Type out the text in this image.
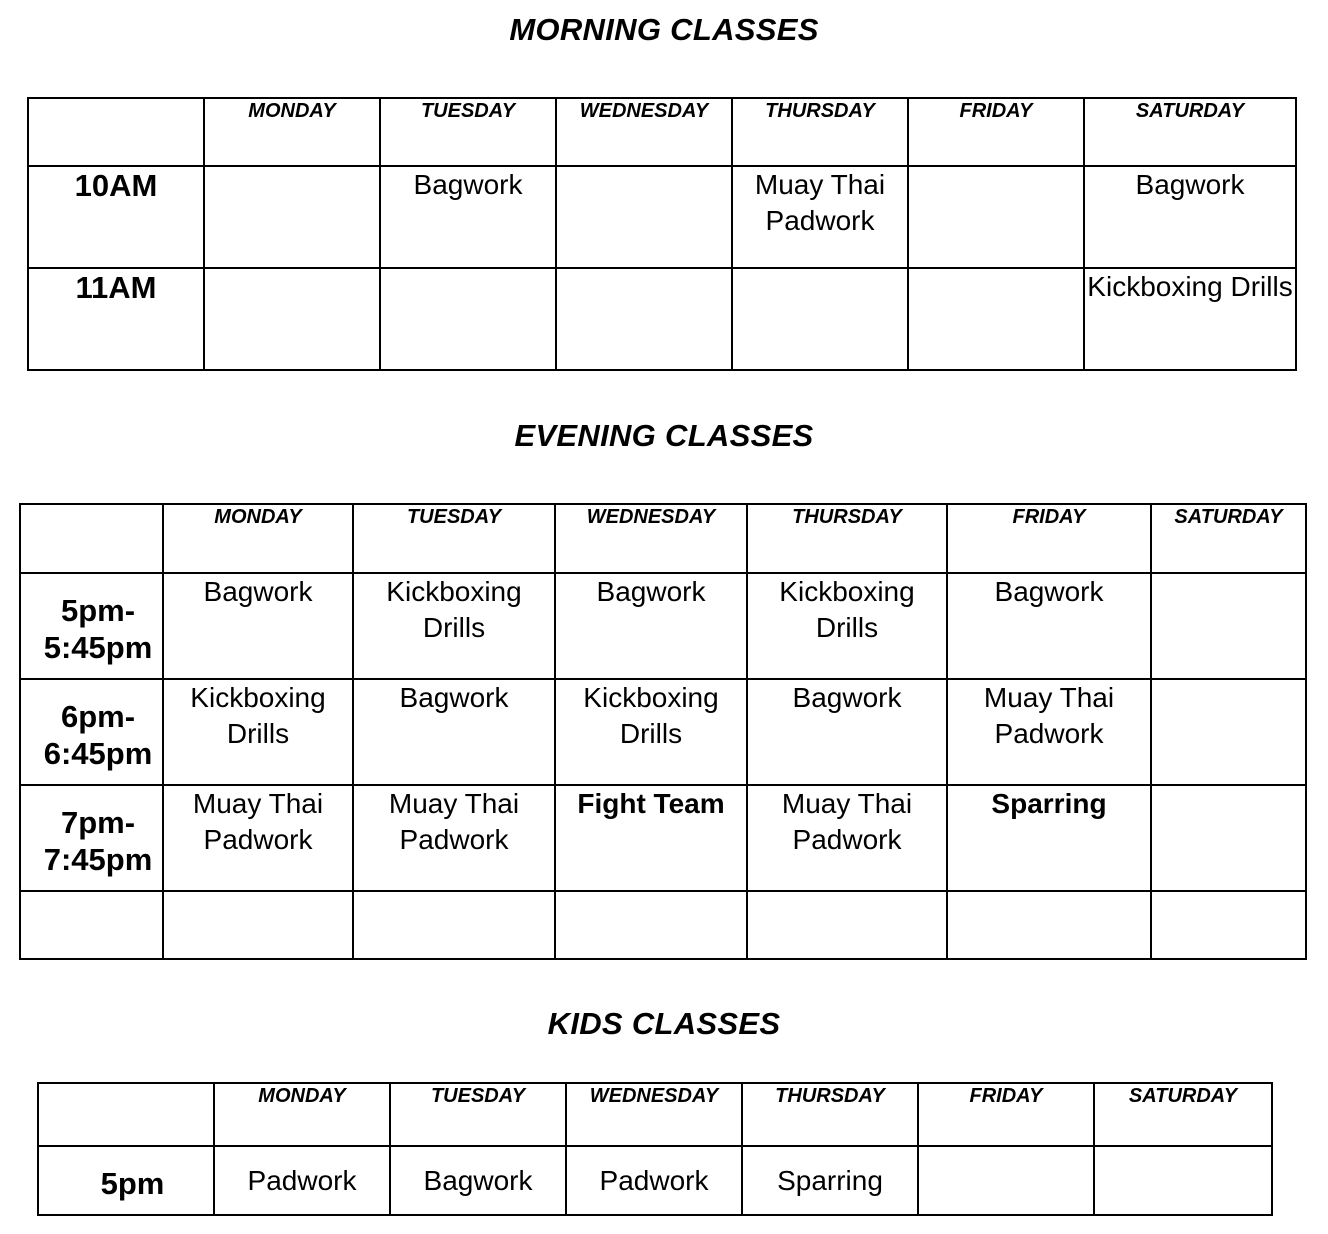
MORNING CLASSES
	MONDAY	TUESDAY	WEDNESDAY	THURSDAY	FRIDAY	SATURDAY
10AM		Bagwork		Muay Thai Padwork		Bagwork
11AM						Kickboxing Drills
EVENING CLASSES
	MONDAY	TUESDAY	WEDNESDAY	THURSDAY	FRIDAY	SATURDAY
5pm- 5:45pm	Bagwork	Kickboxing Drills	Bagwork	Kickboxing Drills	Bagwork	
6pm- 6:45pm	Kickboxing Drills	Bagwork	Kickboxing Drills	Bagwork	Muay Thai Padwork	
7pm- 7:45pm	Muay Thai Padwork	Muay Thai Padwork	Fight Team	Muay Thai Padwork	Sparring	

KIDS CLASSES
	MONDAY	TUESDAY	WEDNESDAY	THURSDAY	FRIDAY	SATURDAY
5pm	Padwork	Bagwork	Padwork	Sparring		
